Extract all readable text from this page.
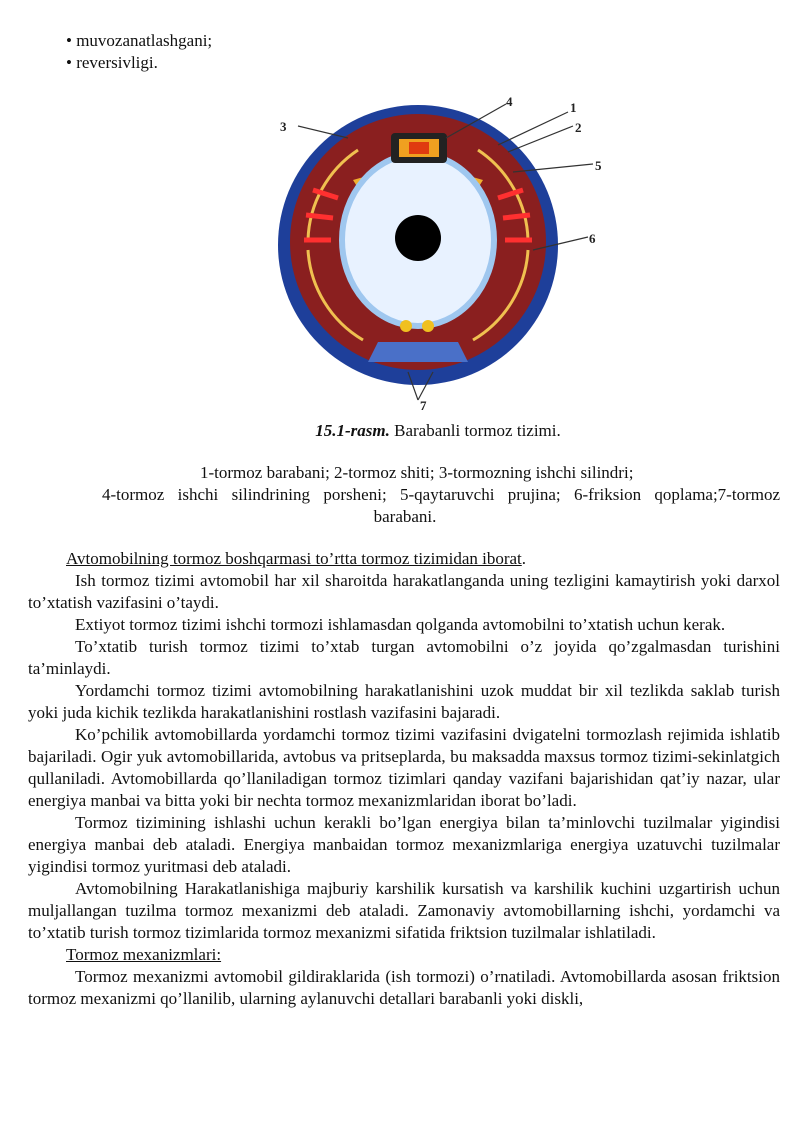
• muvozanatlashgani;
• reversivligi.
1
2
3
4
5
6
7
15.1-rasm. Barabanli tormoz tizimi.
1-tormoz barabani; 2-tormoz shiti; 3-tormozning ishchi silindri;
4-tormoz ishchi silindrining porsheni; 5-qaytaruvchi prujina; 6-friksion qoplama;7-tormoz
barabani.

Avtomobilning tormoz boshqarmasi to’rtta tormoz tizimidan iborat.

Ish tormoz tizimi avtomobil har xil sharoitda harakatlanganda uning tezligini kamaytirish yoki darxol to’xtatish vazifasini o’taydi.

Extiyot tormoz tizimi ishchi tormozi ishlamasdan qolganda avtomobilni to’xtatish uchun kerak.

To’xtatib turish tormoz tizimi to’xtab turgan avtomobilni o’z joyida qo’zgalmasdan turishini ta’minlaydi.

Yordamchi tormoz tizimi avtomobilning harakatlanishini uzok muddat bir xil tezlikda saklab turish yoki juda kichik tezlikda harakatlanishini rostlash vazifasini bajaradi.

Ko’pchilik avtomobillarda yordamchi tormoz tizimi vazifasini dvigatelni tormozlash rejimida ishlatib bajariladi. Ogir yuk avtomobillarida, avtobus va pritseplarda, bu maksadda maxsus tormoz tizimi-sekinlatgich qullaniladi. Avtomobillarda qo’llaniladigan tormoz tizimlari qanday vazifani bajarishidan qat’iy nazar, ular energiya manbai va bitta yoki bir nechta tormoz mexanizmlaridan iborat bo’ladi.

Tormoz tizimining ishlashi uchun kerakli bo’lgan energiya bilan ta’minlovchi tuzilmalar yigindisi energiya manbai deb ataladi. Energiya manbaidan tormoz mexanizmlariga energiya uzatuvchi tuzilmalar yigindisi tormoz yuritmasi deb ataladi.

Avtomobilning Harakatlanishiga majburiy karshilik kursatish va karshilik kuchini uzgartirish uchun muljallangan tuzilma tormoz mexanizmi deb ataladi. Zamonaviy avtomobillarning ishchi, yordamchi va to’xtatib turish tormoz tizimlarida tormoz mexanizmi sifatida friktsion tuzilmalar ishlatiladi.

Tormoz mexanizmlari:

Tormoz mexanizmi avtomobil gildiraklarida (ish tormozi) o’rnatiladi. Avtomobillarda asosan friktsion tormoz mexanizmi qo’llanilib, ularning aylanuvchi detallari barabanli yoki diskli,
